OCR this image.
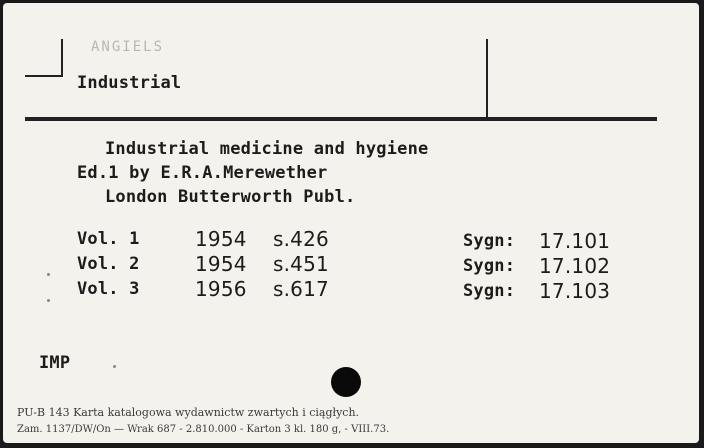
ANGIELS
Industrial
Industrial medicine and hygiene
Ed.1 by E.R.A.Merewether
London Butterworth Publ.
Vol. 1	1954 s.426	Sygn: 17.101
Vol. 2	1954 s.451	Sygn: 17.102
Vol. 3	1956 s.617	Sygn: 17.103
IMP
PU-B 143 Karta katalogowa wydawnictw zwartych i ciągłych.
Zam. 1137/DW/On — Wrak 687 - 2.810.000 - Karton 3 kl. 180 g, - VIII.73.
